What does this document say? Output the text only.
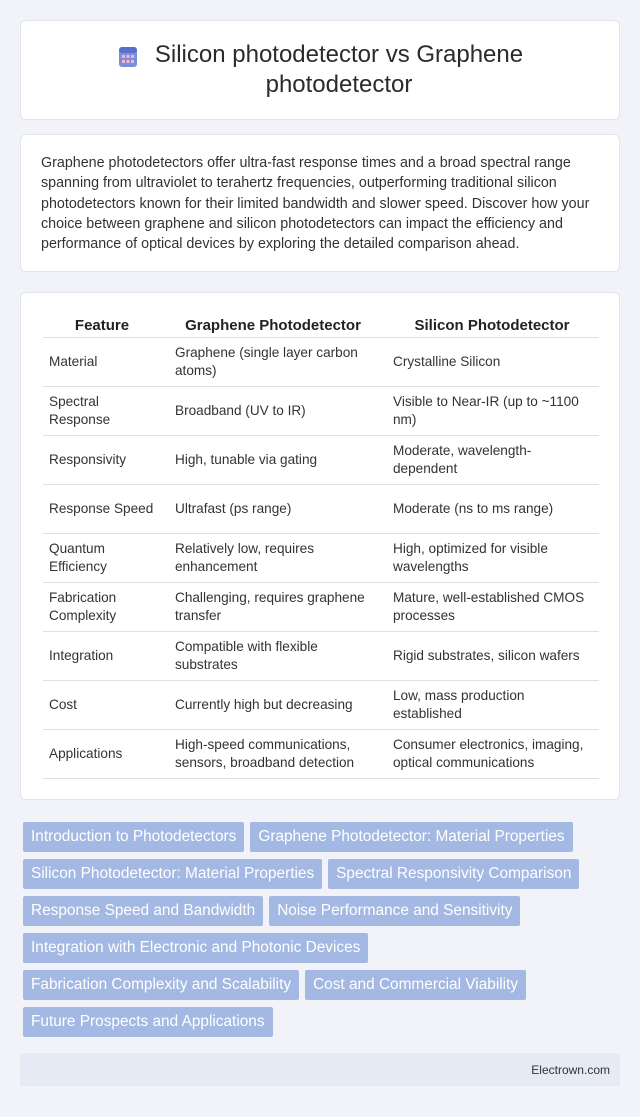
Silicon photodetector vs Graphene
photodetector

Graphene photodetectors offer ultra-fast response times and a broad spectral range spanning from ultraviolet to terahertz frequencies, outperforming traditional silicon photodetectors known for their limited bandwidth and slower speed. Discover how your choice between graphene and silicon photodetectors can impact the efficiency and performance of optical devices by exploring the detailed comparison ahead.

Feature	Graphene Photodetector	Silicon Photodetector
Material	Graphene (single layer carbon atoms)	Crystalline Silicon
Spectral Response	Broadband (UV to IR)	Visible to Near-IR (up to ~1100 nm)
Responsivity	High, tunable via gating	Moderate, wavelength-dependent
Response Speed	Ultrafast (ps range)	Moderate (ns to ms range)
Quantum Efficiency	Relatively low, requires enhancement	High, optimized for visible wavelengths
Fabrication Complexity	Challenging, requires graphene transfer	Mature, well-established CMOS processes
Integration	Compatible with flexible substrates	Rigid substrates, silicon wafers
Cost	Currently high but decreasing	Low, mass production established
Applications	High-speed communications, sensors, broadband detection	Consumer electronics, imaging, optical communications
Introduction to Photodetectors	Graphene Photodetector: Material Properties
Silicon Photodetector: Material Properties	Spectral Responsivity Comparison
Response Speed and Bandwidth	Noise Performance and Sensitivity
Integration with Electronic and Photonic Devices
Fabrication Complexity and Scalability	Cost and Commercial Viability
Future Prospects and Applications
Electrown.com
